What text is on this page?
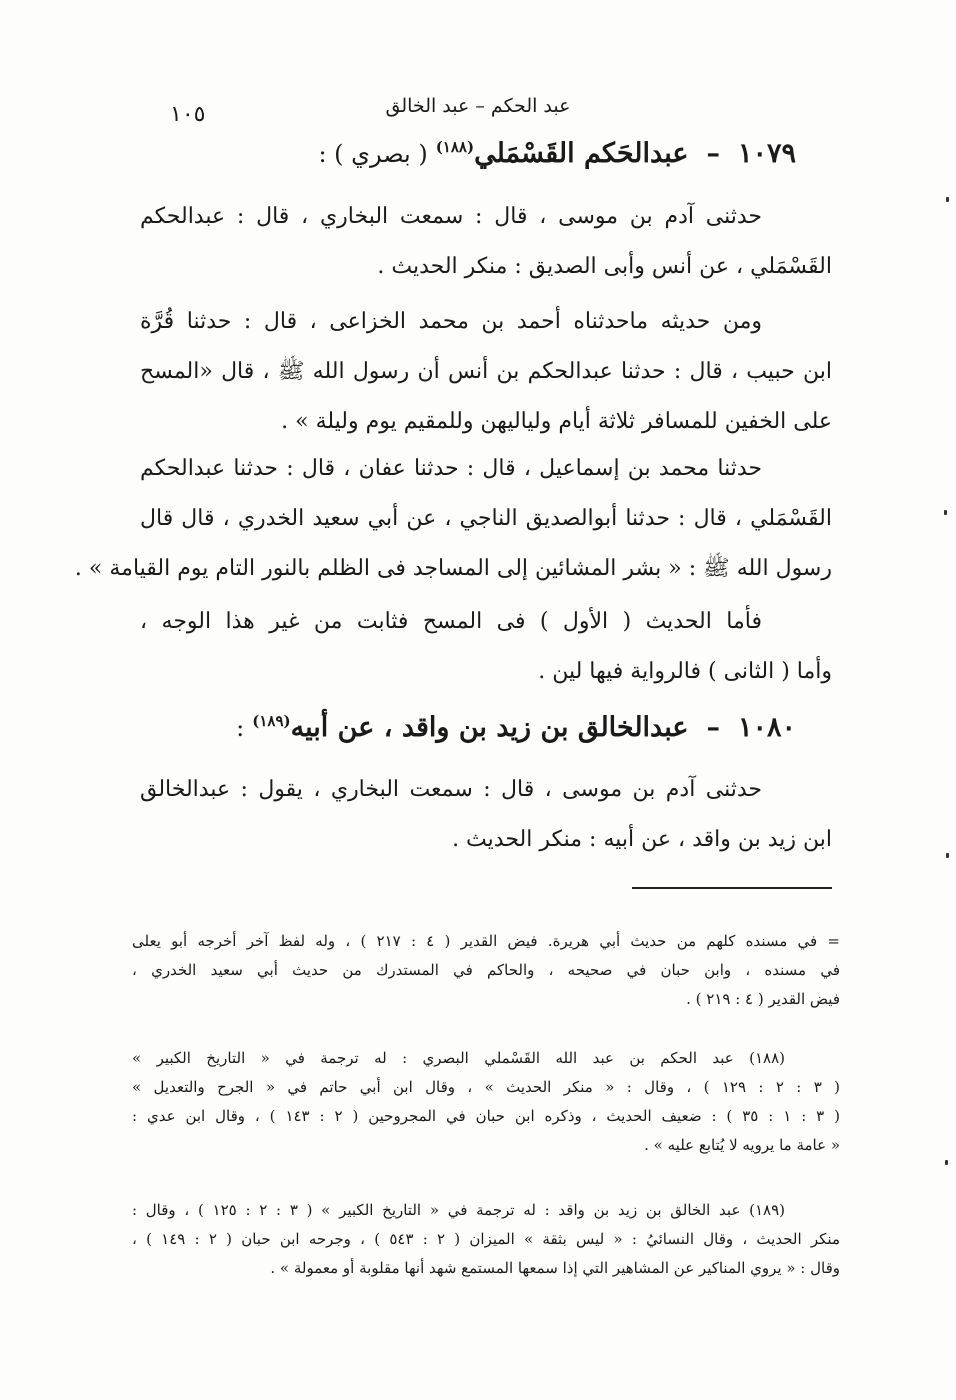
عبد الحكم – عبد الخالق
١٠٥
١٠٧٩–عبدالحَكم القَسْمَلي$^{(١٨٨)}$( بصري ) :
حدثنى آدم بن موسى ، قال : سمعت البخاري ، قال : عبدالحكم
القَسْمَلي ، عن أنس وأبى الصديق : منكر الحديث .
ومن حديثه ماحدثناه أحمد بن محمد الخزاعى ، قال : حدثنا قُرَّة
ابن حبيب ، قال : حدثنا عبدالحكم بن أنس أن رسول الله ﷺ ، قال «المسح
على الخفين للمسافر ثلاثة أيام ولياليهن وللمقيم يوم وليلة » .
حدثنا محمد بن إسماعيل ، قال : حدثنا عفان ، قال : حدثنا عبدالحكم
القَسْمَلي ، قال : حدثنا أبوالصديق الناجي ، عن أبي سعيد الخدري ، قال قال
رسول الله ﷺ : « بشر المشائين إلى المساجد فى الظلم بالنور التام يوم القيامة » .
فأما الحديث ( الأول ) فى المسح فثابت من غير هذا الوجه ،
وأما ( الثانى ) فالرواية فيها لين .
١٠٨٠–عبدالخالق بن زيد بن واقد ، عن أبيه$^{(١٨٩)}$:
حدثنى آدم بن موسى ، قال : سمعت البخاري ، يقول : عبدالخالق
ابن زيد بن واقد ، عن أبيه : منكر الحديث .
= في مسنده كلهم من حديث أبي هريرة. فيض القدير ( ٤ : ٢١٧ ) ، وله لفظ آخر أخرجه أبو يعلى
في مسنده ، وابن حبان في صحيحه ، والحاكم في المستدرك من حديث أبي سعيد الخدري ،
فيض القدير ( ٤ : ٢١٩ ) .
(١٨٨) عبد الحكم بن عبد الله القَسْملي البصري : له ترجمة في « التاريخ الكبير »
( ٣ : ٢ : ١٢٩ ) ، وقال : « منكر الحديث » ، وقال ابن أبي حاتم في « الجرح والتعديل »
( ٣ : ١ : ٣٥ ) : ضعيف الحديث ، وذكره ابن حبان في المجروحين ( ٢ : ١٤٣ ) ، وقال ابن عدي :
« عامة ما يرويه لا يُتابع عليه » .
(١٨٩) عبد الخالق بن زيد بن واقد : له ترجمة في « التاريخ الكبير » ( ٣ : ٢ : ١٢٥ ) ، وقال :
منكر الحديث ، وقال النسائيُ : « ليس بثقة » الميزان ( ٢ : ٥٤٣ ) ، وجرحه ابن حبان ( ٢ : ١٤٩ ) ،
وقال : « يروي المناكير عن المشاهير التي إذا سمعها المستمع شهد أنها مقلوبة أو معمولة » .
